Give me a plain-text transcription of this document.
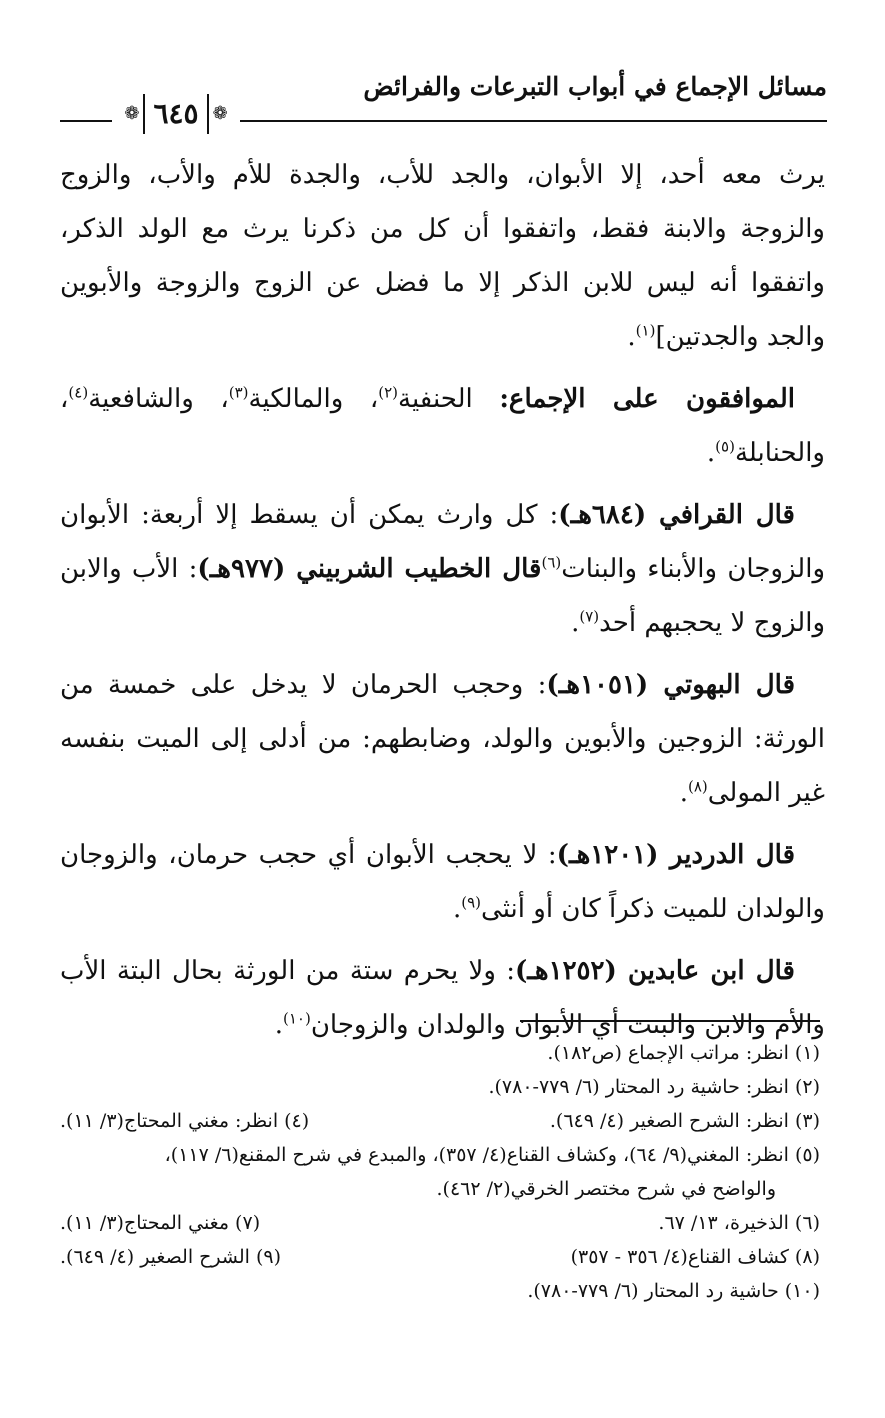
مسائل الإجماع في أبواب التبرعات والفرائض
❁
٦٤٥
❁

يرث معه أحد، إلا الأبوان، والجد للأب، والجدة للأم والأب، والزوج والزوجة والابنة فقط، واتفقوا أن كل من ذكرنا يرث مع الولد الذكر، واتفقوا أنه ليس للابن الذكر إلا ما فضل عن الزوج والزوجة والأبوين والجد والجدتين]$^{(١)}$.

الموافقون على الإجماع: الحنفية$^{(٢)}$، والمالكية$^{(٣)}$، والشافعية$^{(٤)}$، والحنابلة$^{(٥)}$.

قال القرافي (٦٨٤هـ): كل وارث يمكن أن يسقط إلا أربعة: الأبوان والزوجان والأبناء والبنات$^{(٦)}$قال الخطيب الشربيني (٩٧٧هـ): الأب والابن والزوج لا يحجبهم أحد$^{(٧)}$.

قال البهوتي (١٠٥١هـ): وحجب الحرمان لا يدخل على خمسة من الورثة: الزوجين والأبوين والولد، وضابطهم: من أدلى إلى الميت بنفسه غير المولى$^{(٨)}$.

قال الدردير (١٢٠١هـ): لا يحجب الأبوان أي حجب حرمان، والزوجان والولدان للميت ذكراً كان أو أنثى$^{(٩)}$.

قال ابن عابدين (١٢٥٢هـ): ولا يحرم ستة من الورثة بحال البتة الأب والأم والابن والبنت أي الأبوان والولدان والزوجان$^{(١٠)}$.

(١) انظر: مراتب الإجماع (ص١٨٢).
(٢) انظر: حاشية رد المحتار (٦/ ٧٧٩-٧٨٠).
(٣) انظر: الشرح الصغير (٤/ ٦٤٩).
(٤) انظر: مغني المحتاج(٣/ ١١).
(٥) انظر: المغني(٩/ ٦٤)، وكشاف القناع(٤/ ٣٥٧)، والمبدع في شرح المقنع(٦/ ١١٧)،
والواضح في شرح مختصر الخرقي(٢/ ٤٦٢).
(٦) الذخيرة، ١٣/ ٦٧.
(٧) مغني المحتاج(٣/ ١١).
(٨) كشاف القناع(٤/ ٣٥٦ - ٣٥٧)
(٩) الشرح الصغير (٤/ ٦٤٩).
(١٠) حاشية رد المحتار (٦/ ٧٧٩-٧٨٠).
